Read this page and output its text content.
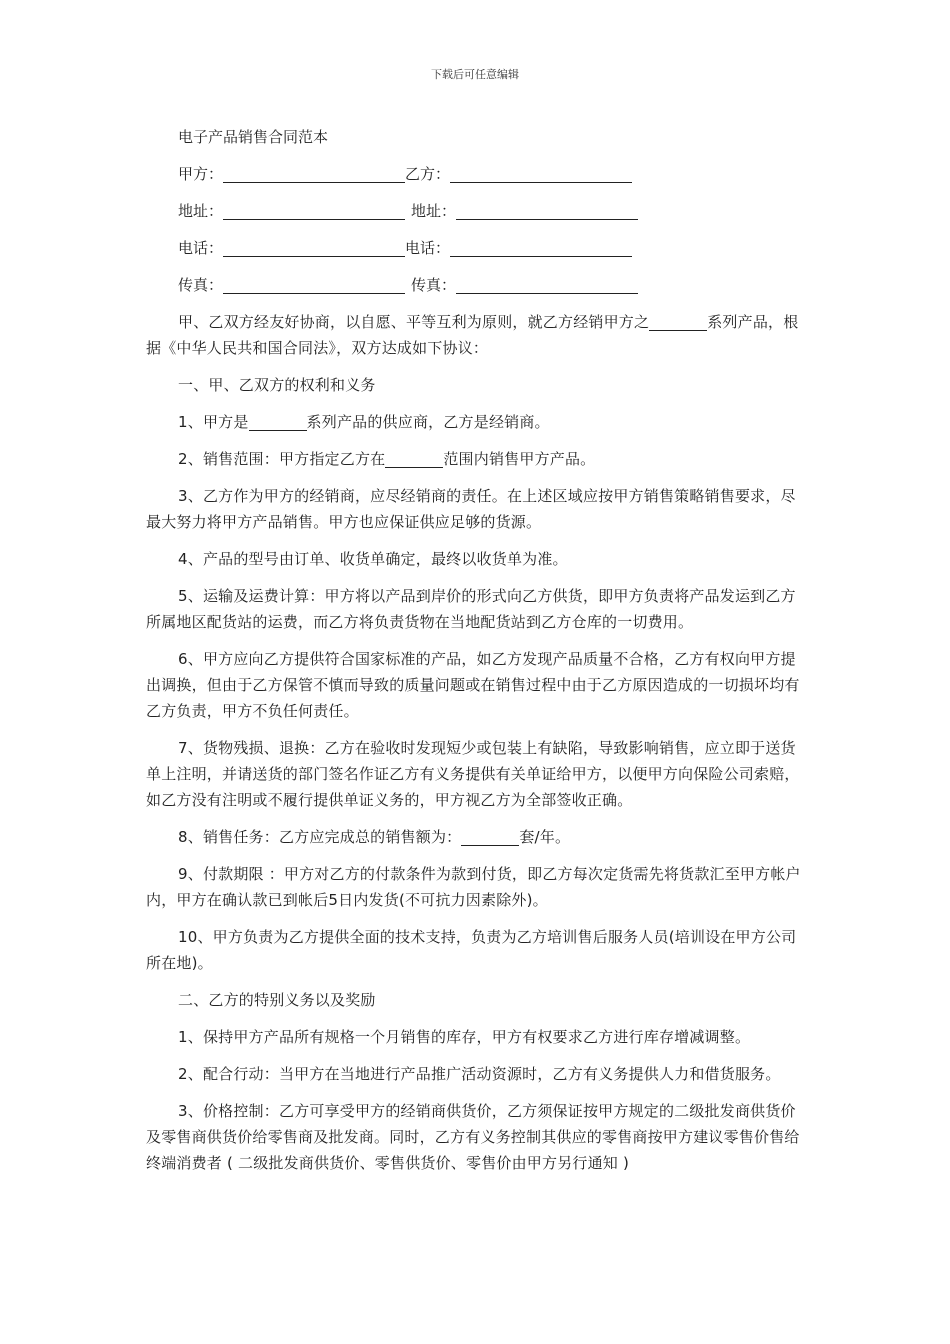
下载后可任意编辑
电子产品销售合同范本
甲方：	乙方：
地址：	地址：
电话：	电话：
传真：	传真：

甲、乙双方经友好协商，以自愿、平等互利为原则，就乙方经销甲方之	系列产品，根据《中华人民共和国合同法》，双方达成如下协议：

一、甲、乙双方的权利和义务

1、甲方是	系列产品的供应商，乙方是经销商。

2、销售范围：甲方指定乙方在	范围内销售甲方产品。

3、乙方作为甲方的经销商，应尽经销商的责任。在上述区域应按甲方销售策略销售要求，尽最大努力将甲方产品销售。甲方也应保证供应足够的货源。

4、产品的型号由订单、收货单确定，最终以收货单为准。

5、运输及运费计算：甲方将以产品到岸价的形式向乙方供货，即甲方负责将产品发运到乙方所属地区配货站的运费，而乙方将负责货物在当地配货站到乙方仓库的一切费用。

6、甲方应向乙方提供符合国家标准的产品，如乙方发现产品质量不合格，乙方有权向甲方提出调换，但由于乙方保管不慎而导致的质量问题或在销售过程中由于乙方原因造成的一切损坏均有乙方负责，甲方不负任何责任。

7、货物残损、退换：乙方在验收时发现短少或包装上有缺陷，导致影响销售，应立即于送货单上注明，并请送货的部门签名作证乙方有义务提供有关单证给甲方，以便甲方向保险公司索赔，如乙方没有注明或不履行提供单证义务的，甲方视乙方为全部签收正确。

8、销售任务：乙方应完成总的销售额为：	套/年。

9、付款期限 ：甲方对乙方的付款条件为款到付货，即乙方每次定货需先将货款汇至甲方帐户内，甲方在确认款已到帐后5日内发货(不可抗力因素除外)。

10、甲方负责为乙方提供全面的技术支持，负责为乙方培训售后服务人员(培训设在甲方公司所在地)。

二、乙方的特别义务以及奖励

1、保持甲方产品所有规格一个月销售的库存，甲方有权要求乙方进行库存增减调整。

2、配合行动：当甲方在当地进行产品推广活动资源时，乙方有义务提供人力和借货服务。

3、价格控制：乙方可享受甲方的经销商供货价，乙方须保证按甲方规定的二级批发商供货价及零售商供货价给零售商及批发商。同时，乙方有义务控制其供应的零售商按甲方建议零售价售给终端消费者 ( 二级批发商供货价、零售供货价、零售价由甲方另行通知 )
